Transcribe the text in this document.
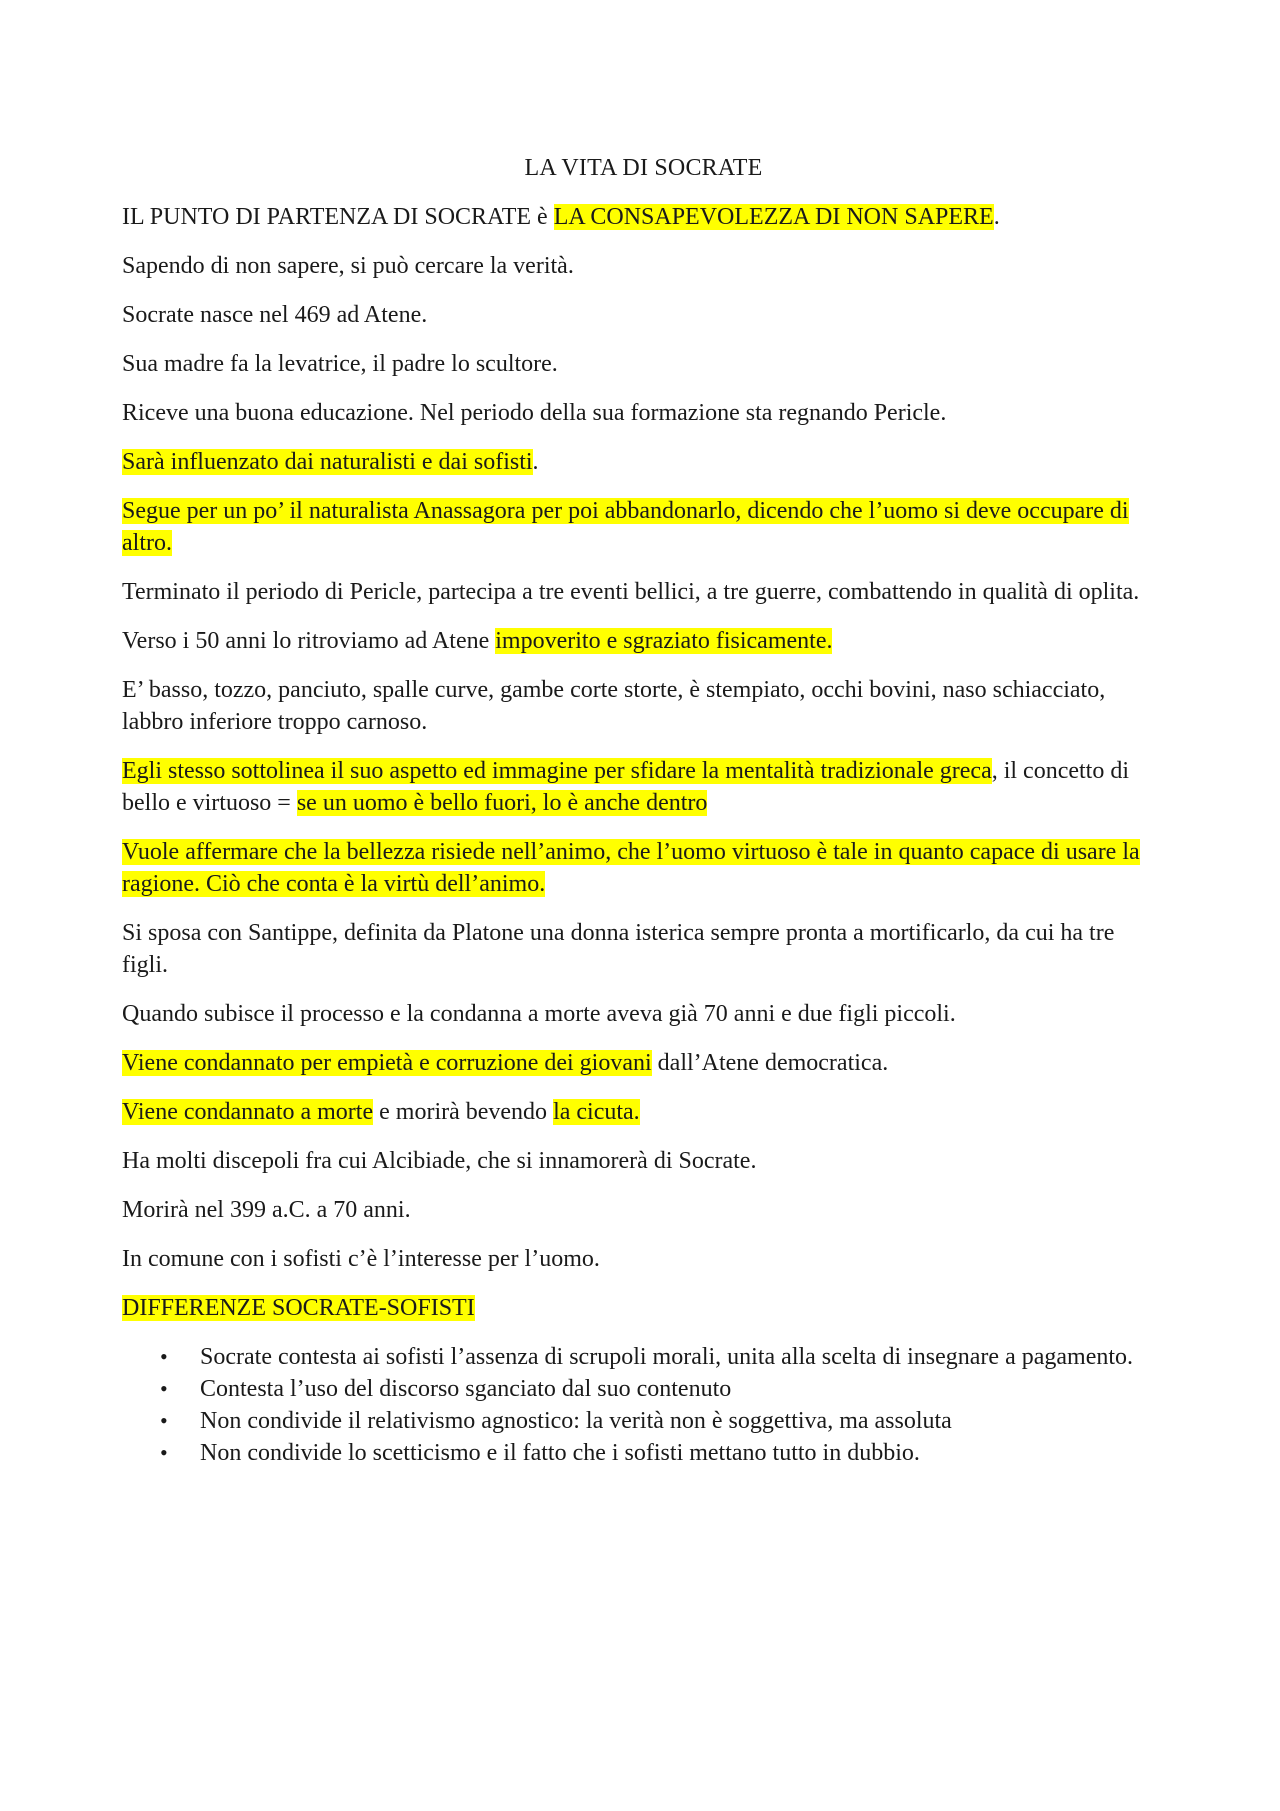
LA VITA DI SOCRATE

IL PUNTO DI PARTENZA DI SOCRATE è LA CONSAPEVOLEZZA DI NON SAPERE.

Sapendo di non sapere, si può cercare la verità.

Socrate nasce nel 469 ad Atene.

Sua madre fa la levatrice, il padre lo scultore.

Riceve una buona educazione. Nel periodo della sua formazione sta regnando Pericle.

Sarà influenzato dai naturalisti e dai sofisti.

Segue per un po’ il naturalista Anassagora per poi abbandonarlo, dicendo che l’uomo si deve occupare di altro.

Terminato il periodo di Pericle, partecipa a tre eventi bellici, a tre guerre, combattendo in qualità di oplita.

Verso i 50 anni lo ritroviamo ad Atene impoverito e sgraziato fisicamente.

E’ basso, tozzo, panciuto, spalle curve, gambe corte storte, è stempiato, occhi bovini, naso schiacciato, labbro inferiore troppo carnoso.

Egli stesso sottolinea il suo aspetto ed immagine per sfidare la mentalità tradizionale greca, il concetto di bello e virtuoso = se un uomo è bello fuori, lo è anche dentro

Vuole affermare che la bellezza risiede nell’animo, che l’uomo virtuoso è tale in quanto capace di usare la ragione. Ciò che conta è la virtù dell’animo.

Si sposa con Santippe, definita da Platone una donna isterica sempre pronta a mortificarlo, da cui ha tre figli.

Quando subisce il processo e la condanna a morte aveva già 70 anni e due figli piccoli.

Viene condannato per empietà e corruzione dei giovani dall’Atene democratica.

Viene condannato a morte e morirà bevendo la cicuta.

Ha molti discepoli fra cui Alcibiade, che si innamorerà di Socrate.

Morirà nel 399 a.C. a 70 anni.

In comune con i sofisti c’è l’interesse per l’uomo.

DIFFERENZE SOCRATE-SOFISTI

• Socrate contesta ai sofisti l’assenza di scrupoli morali, unita alla scelta di insegnare a pagamento.
• Contesta l’uso del discorso sganciato dal suo contenuto
• Non condivide il relativismo agnostico: la verità non è soggettiva, ma assoluta
• Non condivide lo scetticismo e il fatto che i sofisti mettano tutto in dubbio.
